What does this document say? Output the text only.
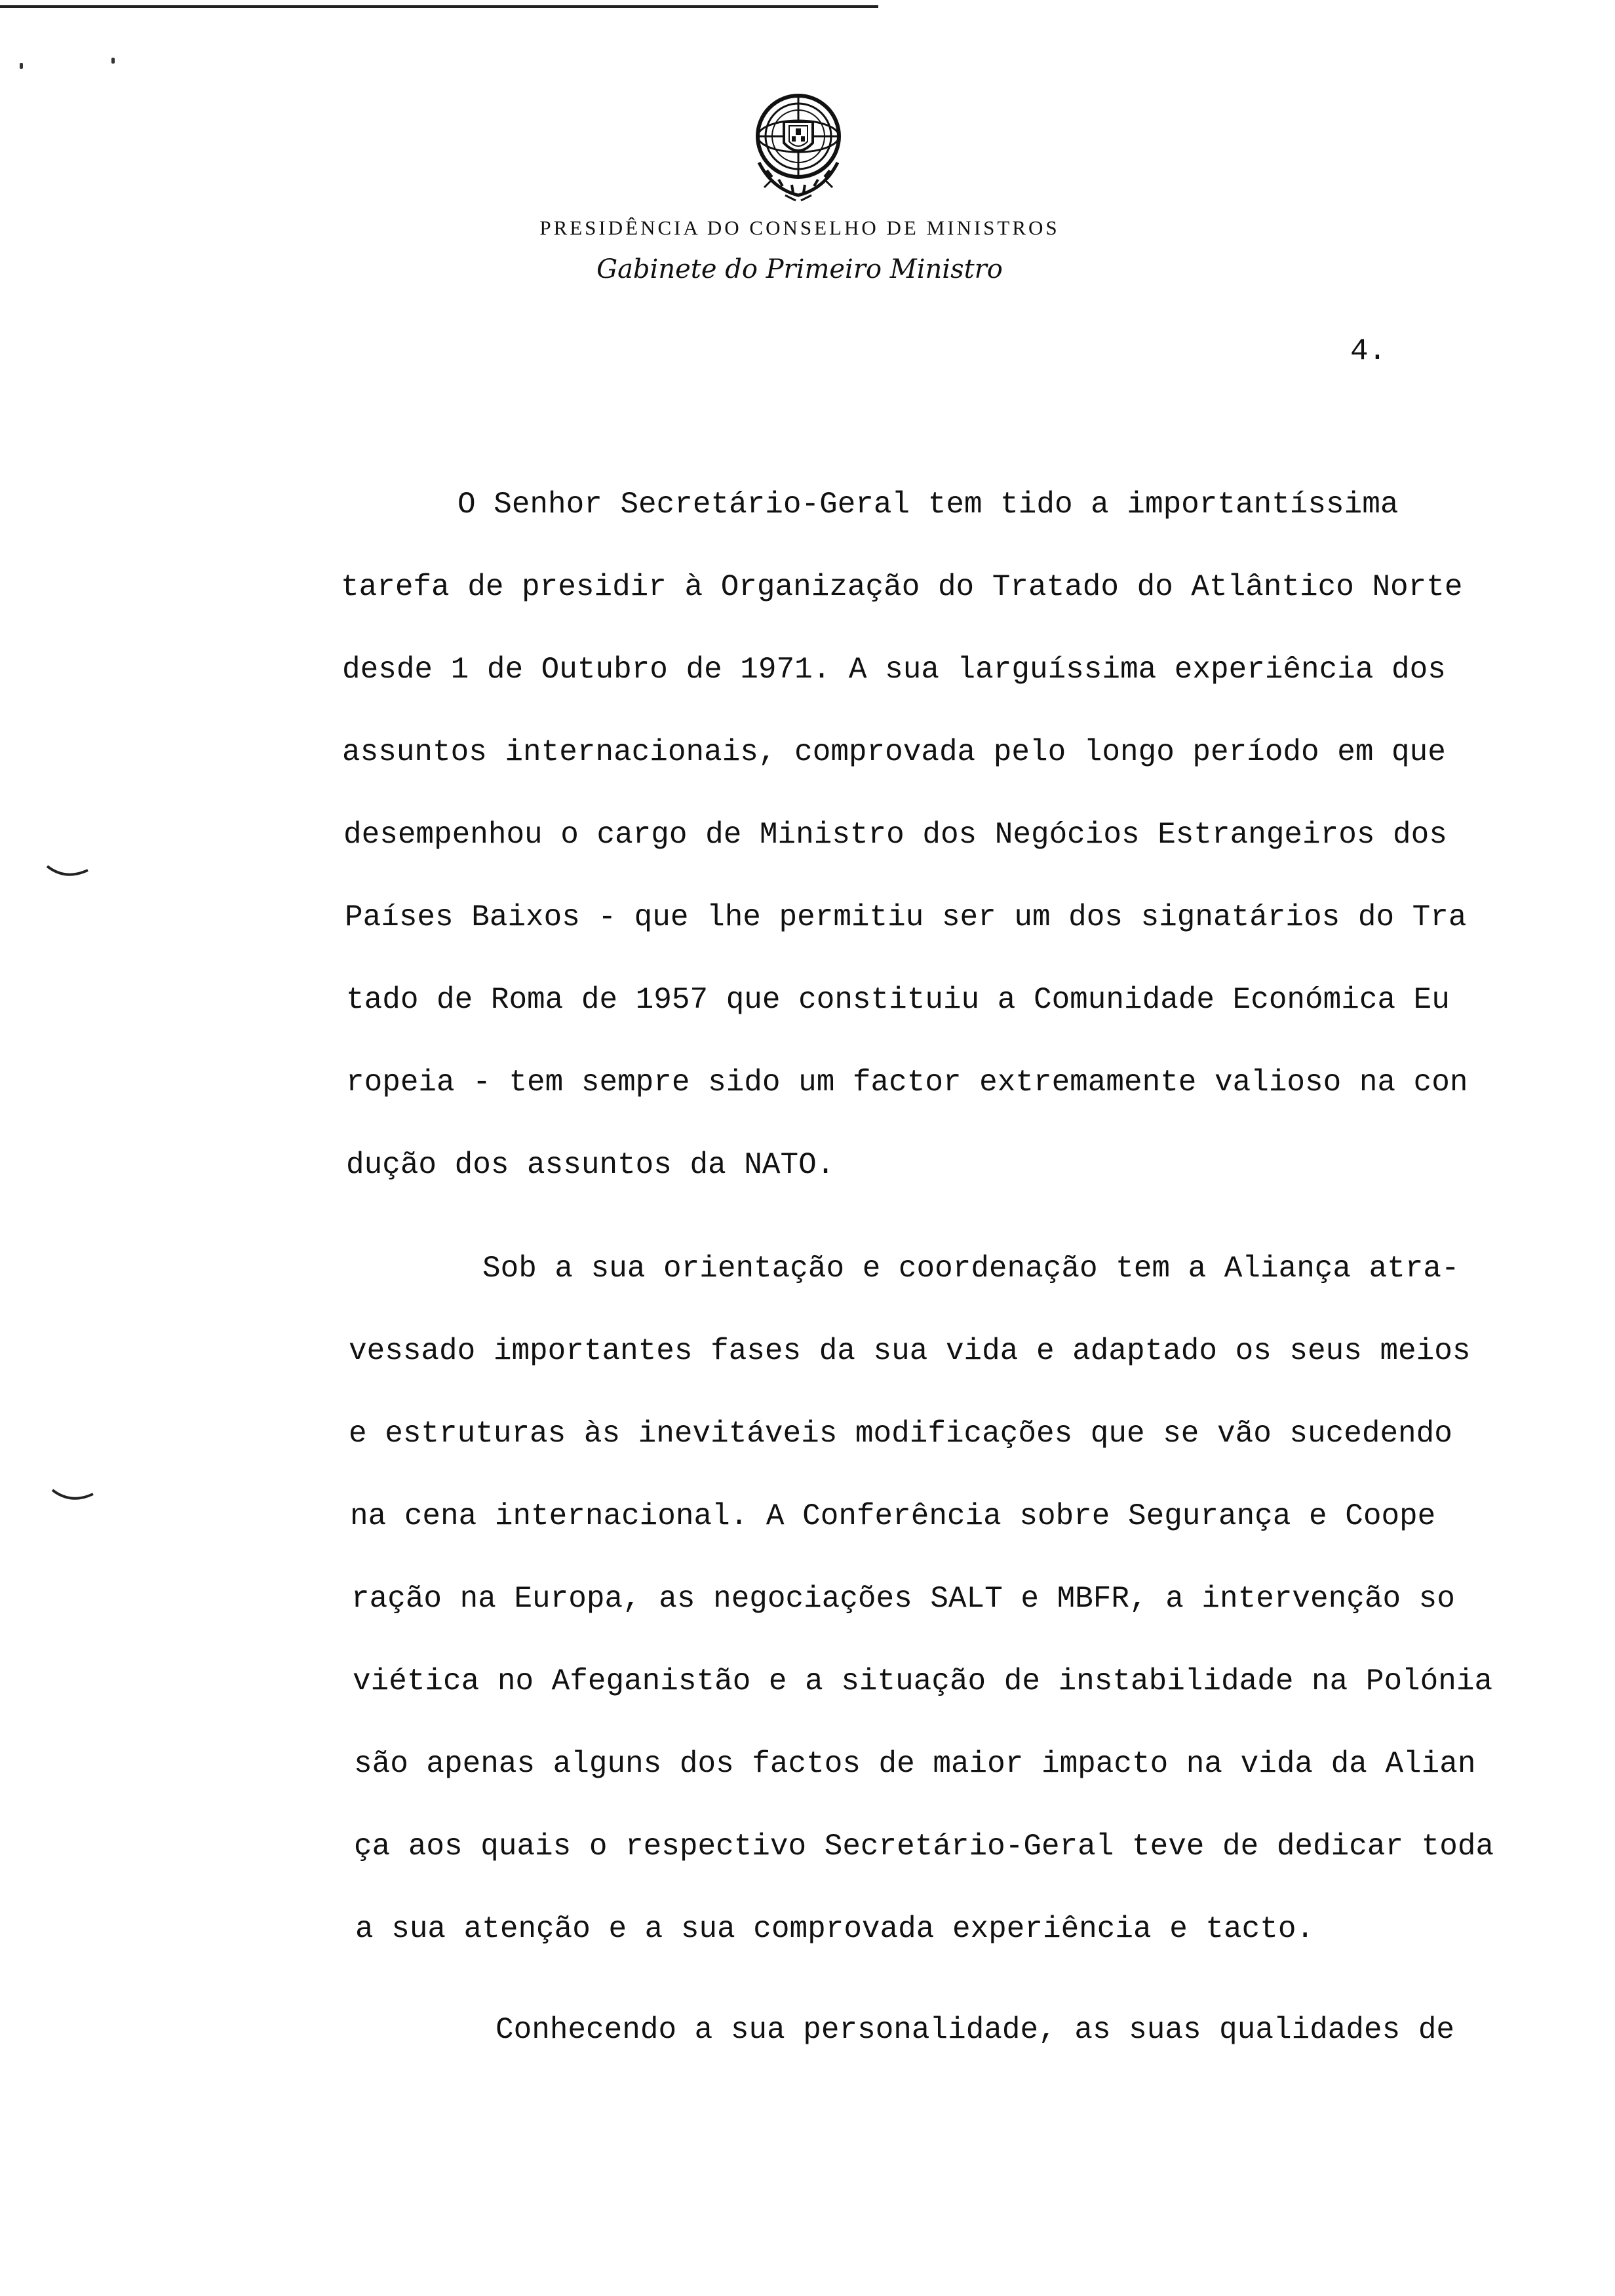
PRESIDÊNCIA DO CONSELHO DE MINISTROS
Gabinete do Primeiro Ministro
4.
O Senhor Secretário-Geral tem tido a importantíssima
tarefa de presidir à Organização do Tratado do Atlântico Norte
desde 1 de Outubro de 1971. A sua larguíssima experiência dos
assuntos internacionais, comprovada pelo longo período em que
desempenhou o cargo de Ministro dos Negócios Estrangeiros dos
Países Baixos - que lhe permitiu ser um dos signatários do Tra
tado de Roma de 1957 que constituiu a Comunidade Económica Eu
ropeia - tem sempre sido um factor extremamente valioso na con
dução dos assuntos da NATO.
Sob a sua orientação e coordenação tem a Aliança atra-
vessado importantes fases da sua vida e adaptado os seus meios
e estruturas às inevitáveis modificações que se vão sucedendo
na cena internacional. A Conferência sobre Segurança e Coope
ração na Europa, as negociações SALT e MBFR, a intervenção so
viética no Afeganistão e a situação de instabilidade na Polónia
são apenas alguns dos factos de maior impacto na vida da Alian
ça aos quais o respectivo Secretário-Geral teve de dedicar toda
a sua atenção e a sua comprovada experiência e tacto.
Conhecendo a sua personalidade, as suas qualidades de
